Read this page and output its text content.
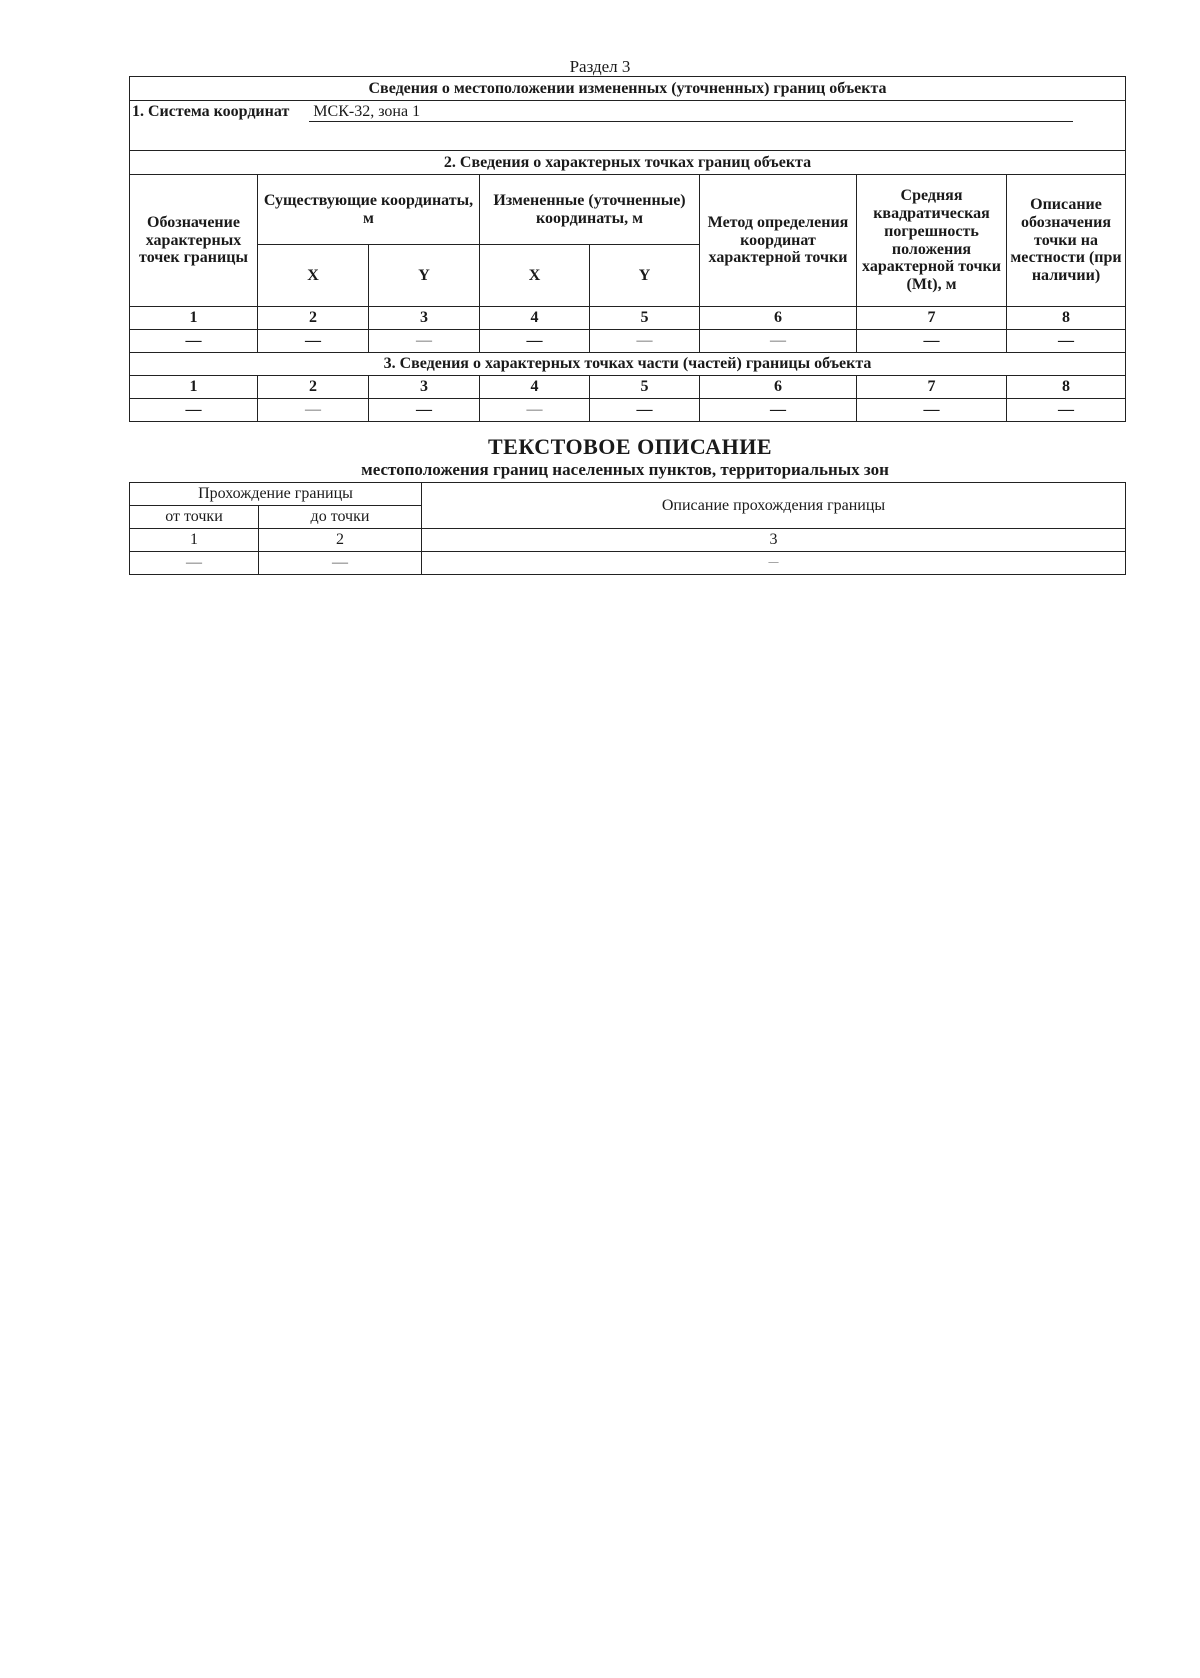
Раздел 3
Сведения о местоположении измененных (уточненных) границ объекта							
1. Система координат МСК-32, зона 1							
2. Сведения о характерных точках границ объекта							
Обозначение характерных точек границы	Существующие координаты, м		Измененные (уточненные) координаты, м		Метод определения координат характерной точки	Средняя квадратическая погрешность положения характерной точки (Mt), м	Описание обозначения точки на местности (при наличии)
	X	Y	X	Y			
1	2	3	4	5	6	7	8
—	—	—	—	—	—	—	—
3. Сведения о характерных точках части (частей) границы объекта							
1	2	3	4	5	6	7	8
—	—	—	—	—	—	—	—
ТЕКСТОВОЕ ОПИСАНИЕ
местоположения границ населенных пунктов, территориальных зон
Прохождение границы		Описание прохождения границы
от точки	до точки	
1	2	3
—	—	—
